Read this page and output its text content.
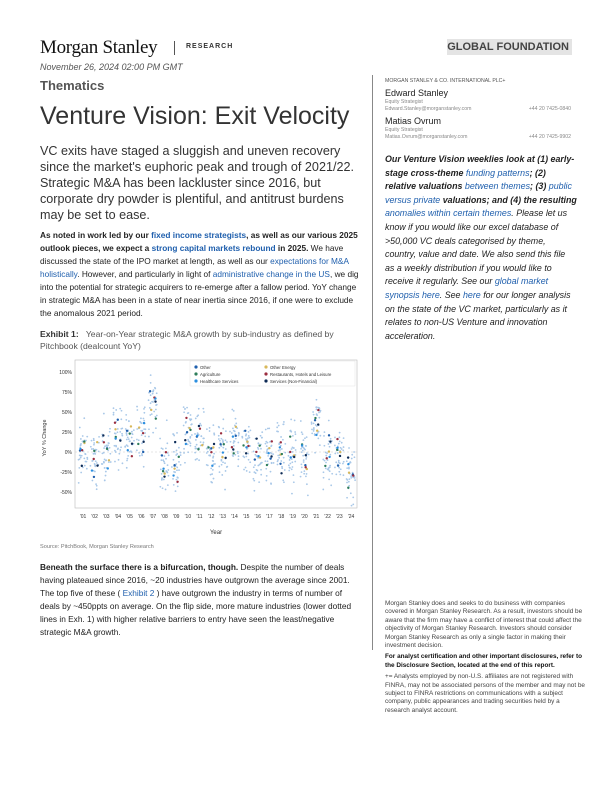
Morgan Stanley	RESEARCH	GLOBAL FOUNDATION
November 26, 2024 02:00 PM GMT
Thematics
Venture Vision: Exit Velocity

VC exits have staged a sluggish and uneven recovery since the market's euphoric peak and trough of 2021/22. Strategic M&A has been lackluster since 2016, but corporate dry powder is plentiful, and antitrust burdens may be set to ease.

As noted in work led by our fixed income strategists, as well as our various 2025 outlook pieces, we expect a strong capital markets rebound in 2025. We have discussed the state of the IPO market at length, as well as our expectations for M&A holistically. However, and particularly in light of administrative change in the US, we dig into the potential for strategic acquirers to re-emerge after a fallow period. YoY change in strategic M&A has been in a state of near inertia since 2016, if one were to exclude the anomalous 2021 period.

Exhibit 1: Year-on-Year strategic M&A growth by sub-industry as defined by Pitchbook (dealcount YoY)
YoY % Change
Year
100%
75%
50%
25%
0%
-25%
-50%
'01 '02 '03 '04 '05 '06 '07 '08 '09 '10 '11 '12 '13 '14 '15 '16 '17 '18 '19 '20 '21 '22 '23 '24
Other	Other Energy
Agriculture	Restaurants, Hotels and Leisure
Healthcare Services	Services (Non-Financial)
Source: PitchBook, Morgan Stanley Research

Beneath the surface there is a bifurcation, though. Despite the number of deals having plateaued since 2016, ~20 industries have outgrown the average since 2001. The top five of these ( Exhibit 2 ) have outgrown the industry in terms of number of deals by ~450ppts on average. On the flip side, more mature industries (lower dotted lines in Exh. 1) with higher relative barriers to entry have seen the least/negative strategic M&A growth.

MORGAN STANLEY & CO. INTERNATIONAL PLC+
Edward Stanley
Equity Strategist
Edward.Stanley@morganstanley.com	+44 20 7425-0840
Matias Ovrum
Equity Strategist
Matias.Ovrum@morganstanley.com	+44 20 7425-9902

Our Venture Vision weeklies look at (1) early-stage cross-theme funding patterns; (2) relative valuations between themes; (3) public versus private valuations; and (4) the resulting anomalies within certain themes. Please let us know if you would like our excel database of >50,000 VC deals categorised by theme, country, value and date. We also send this file as a weekly distribution if you would like to receive it regularly. See our global market synopsis here. See here for our longer analysis on the state of the VC market, particularly as it relates to non-US Venture and innovation acceleration.

Morgan Stanley does and seeks to do business with companies covered in Morgan Stanley Research. As a result, investors should be aware that the firm may have a conflict of interest that could affect the objectivity of Morgan Stanley Research. Investors should consider Morgan Stanley Research as only a single factor in making their investment decision.

For analyst certification and other important disclosures, refer to the Disclosure Section, located at the end of this report.

+= Analysts employed by non-U.S. affiliates are not registered with FINRA, may not be associated persons of the member and may not be subject to FINRA restrictions on communications with a subject company, public appearances and trading securities held by a research analyst account.
